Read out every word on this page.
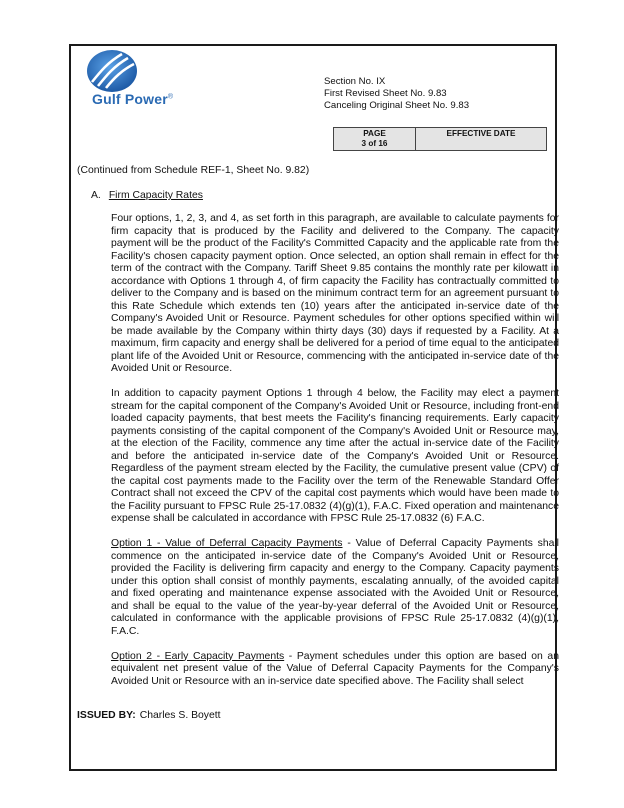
Gulf Power®
Section No. IX
First Revised Sheet No. 9.83
Canceling Original Sheet No. 9.83
PAGE
3 of 16
EFFECTIVE DATE
(Continued from Schedule REF-1, Sheet No. 9.82)
A. Firm Capacity Rates

Four options, 1, 2, 3, and 4, as set forth in this paragraph, are available to calculate payments for firm capacity that is produced by the Facility and delivered to the Company. The capacity payment will be the product of the Facility's Committed Capacity and the applicable rate from the Facility's chosen capacity payment option. Once selected, an option shall remain in effect for the term of the contract with the Company. Tariff Sheet 9.85 contains the monthly rate per kilowatt in accordance with Options 1 through 4, of firm capacity the Facility has contractually committed to deliver to the Company and is based on the minimum contract term for an agreement pursuant to this Rate Schedule which extends ten (10) years after the anticipated in-service date of the Company's Avoided Unit or Resource. Payment schedules for other options specified within will be made available by the Company within thirty days (30) days if requested by a Facility. At a maximum, firm capacity and energy shall be delivered for a period of time equal to the anticipated plant life of the Avoided Unit or Resource, commencing with the anticipated in-service date of the Avoided Unit or Resource.

In addition to capacity payment Options 1 through 4 below, the Facility may elect a payment stream for the capital component of the Company's Avoided Unit or Resource, including front-end loaded capacity payments, that best meets the Facility's financing requirements. Early capacity payments consisting of the capital component of the Company's Avoided Unit or Resource may, at the election of the Facility, commence any time after the actual in-service date of the Facility and before the anticipated in-service date of the Company's Avoided Unit or Resource. Regardless of the payment stream elected by the Facility, the cumulative present value (CPV) of the capital cost payments made to the Facility over the term of the Renewable Standard Offer Contract shall not exceed the CPV of the capital cost payments which would have been made to the Facility pursuant to FPSC Rule 25-17.0832 (4)(g)(1), F.A.C. Fixed operation and maintenance expense shall be calculated in accordance with FPSC Rule 25-17.0832 (6) F.A.C.

Option 1 - Value of Deferral Capacity Payments - Value of Deferral Capacity Payments shall commence on the anticipated in-service date of the Company's Avoided Unit or Resource, provided the Facility is delivering firm capacity and energy to the Company. Capacity payments under this option shall consist of monthly payments, escalating annually, of the avoided capital and fixed operating and maintenance expense associated with the Avoided Unit or Resource, and shall be equal to the value of the year-by-year deferral of the Avoided Unit or Resource, calculated in conformance with the applicable provisions of FPSC Rule 25-17.0832 (4)(g)(1), F.A.C.

Option 2 - Early Capacity Payments - Payment schedules under this option are based on an equivalent net present value of the Value of Deferral Capacity Payments for the Company's Avoided Unit or Resource with an in-service date specified above. The Facility shall select

ISSUED BY: Charles S. Boyett
